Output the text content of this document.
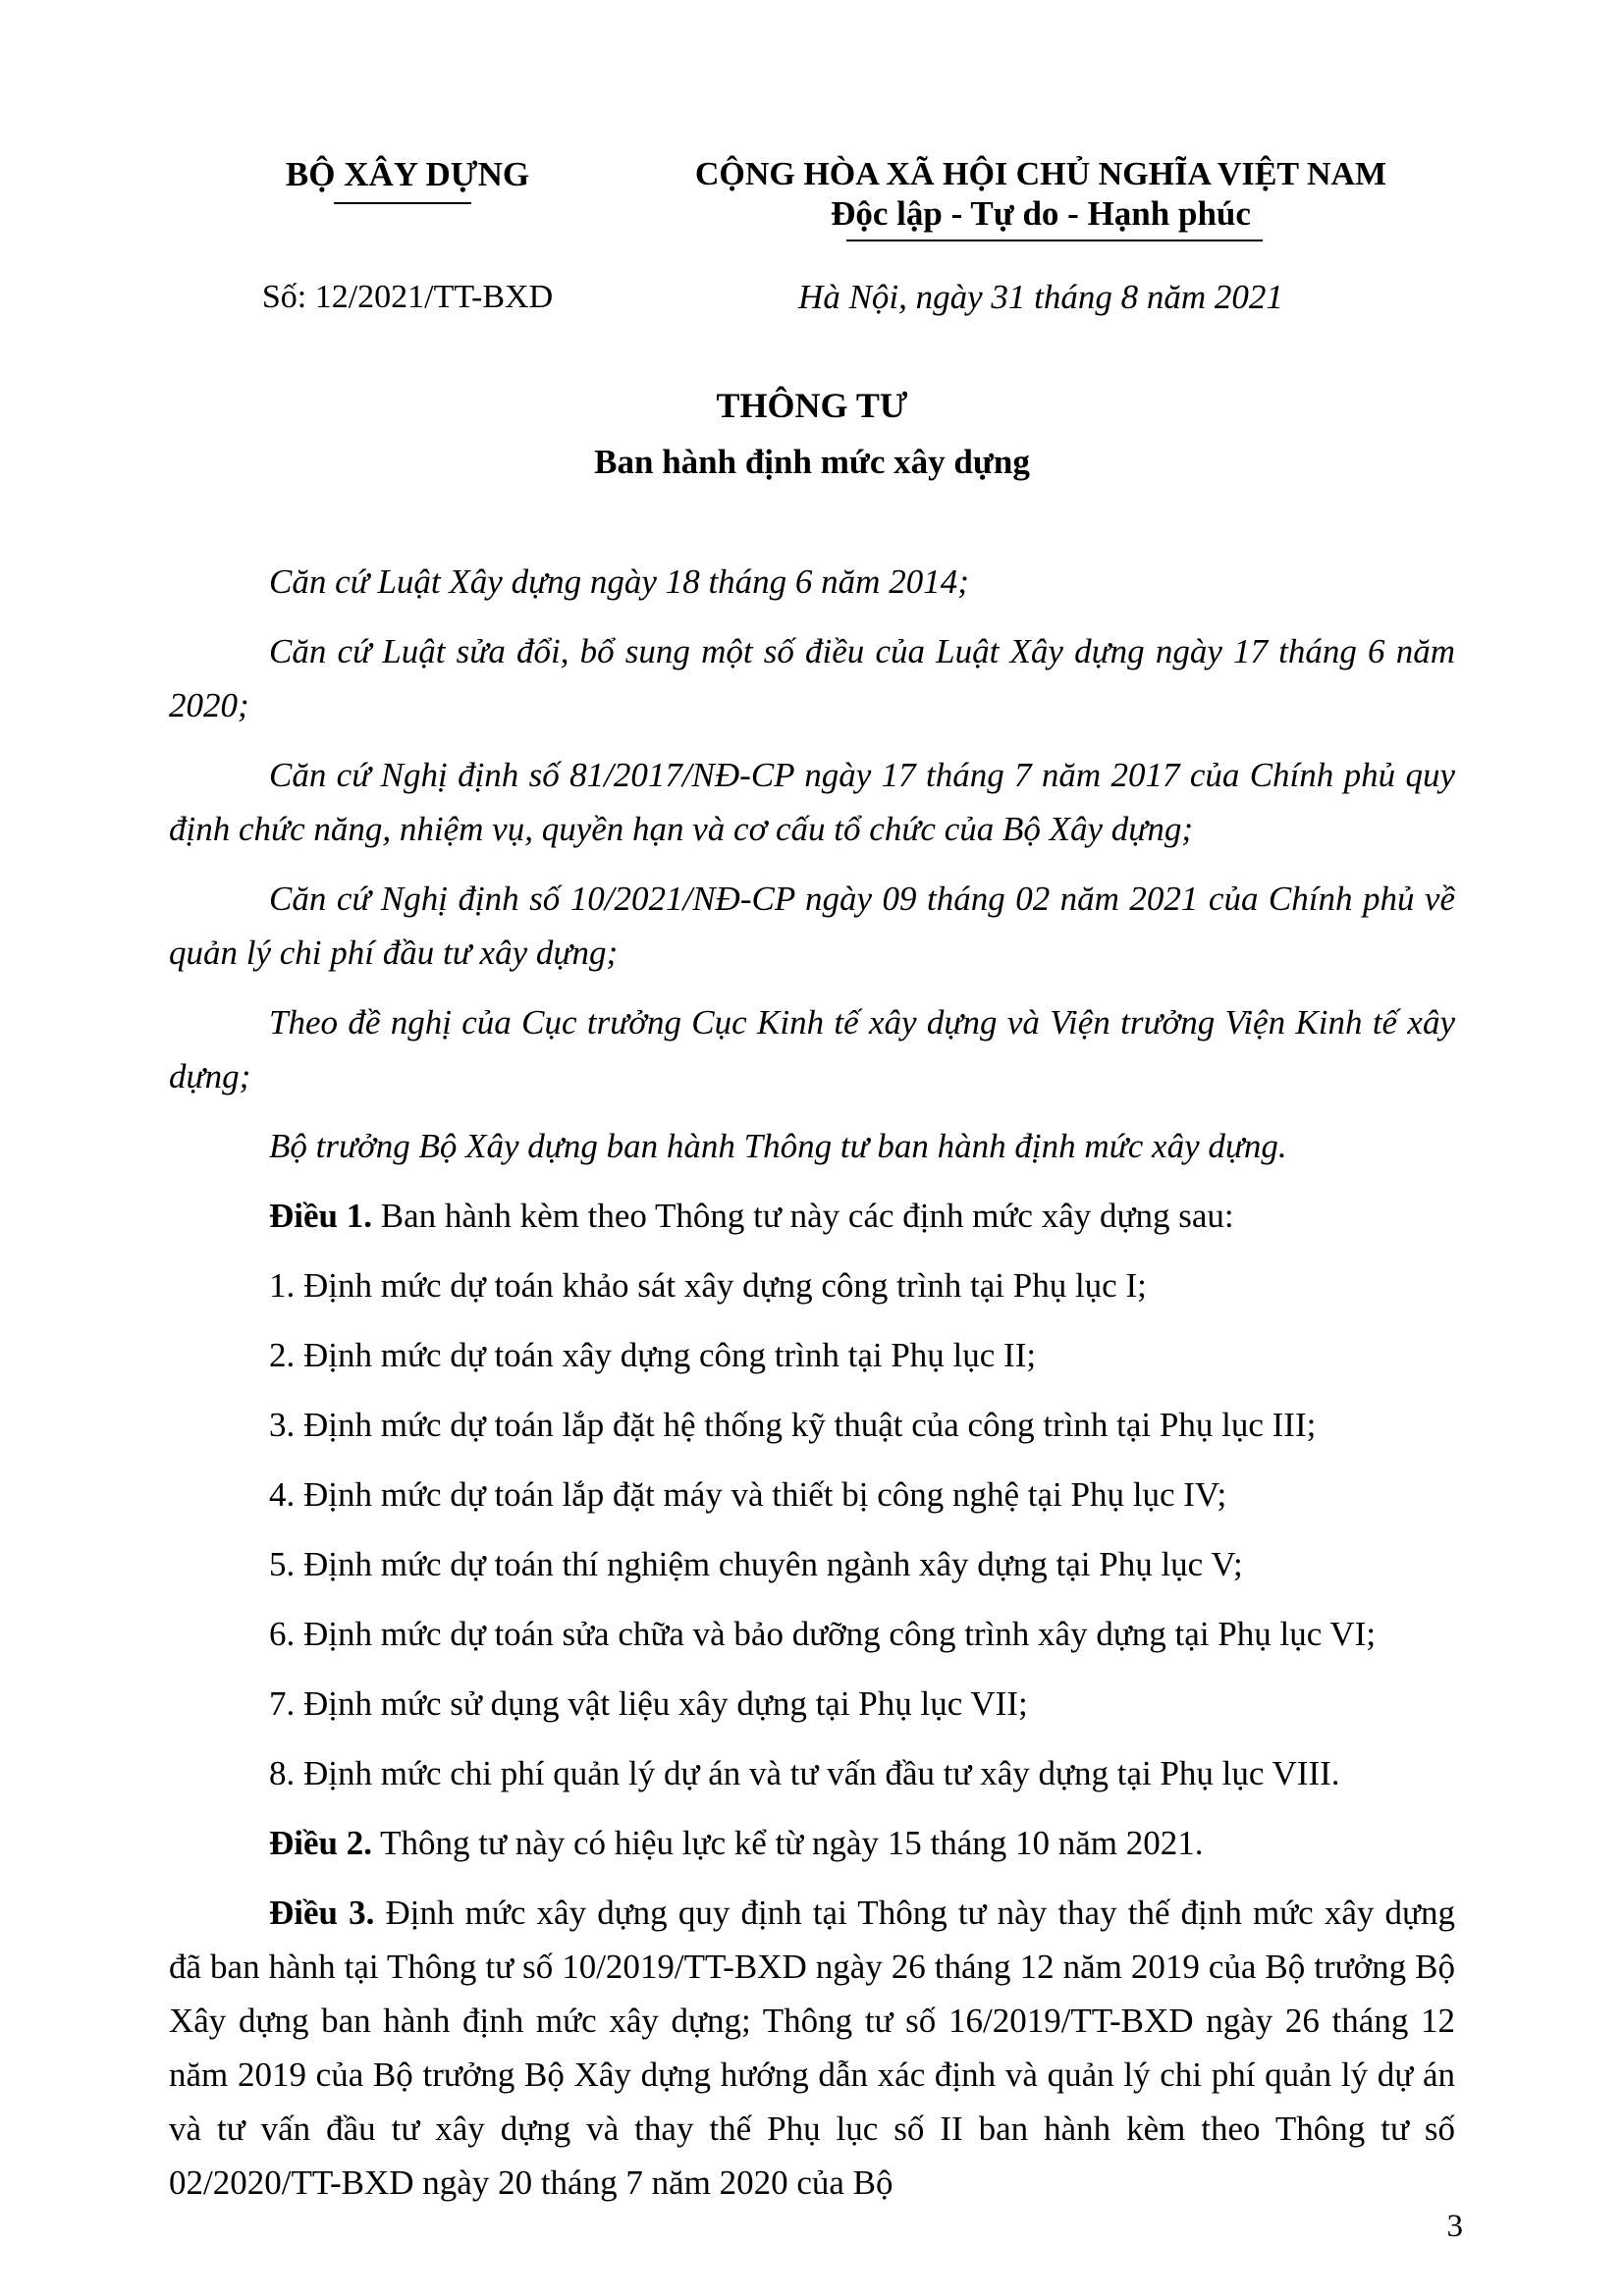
BỘ XÂY DỰNG	CỘNG HÒA XÃ HỘI CHỦ NGHĨA VIỆT NAM
Độc lập - Tự do - Hạnh phúc
Số: 12/2021/TT-BXD	Hà Nội, ngày 31 tháng 8 năm 2021
THÔNG TƯ
Ban hành định mức xây dựng

Căn cứ Luật Xây dựng ngày 18 tháng 6 năm 2014;

Căn cứ Luật sửa đổi, bổ sung một số điều của Luật Xây dựng ngày 17 tháng 6 năm 2020;

Căn cứ Nghị định số 81/2017/NĐ-CP ngày 17 tháng 7 năm 2017 của Chính phủ quy định chức năng, nhiệm vụ, quyền hạn và cơ cấu tổ chức của Bộ Xây dựng;

Căn cứ Nghị định số 10/2021/NĐ-CP ngày 09 tháng 02 năm 2021 của Chính phủ về quản lý chi phí đầu tư xây dựng;

Theo đề nghị của Cục trưởng Cục Kinh tế xây dựng và Viện trưởng Viện Kinh tế xây dựng;

Bộ trưởng Bộ Xây dựng ban hành Thông tư ban hành định mức xây dựng.

Điều 1. Ban hành kèm theo Thông tư này các định mức xây dựng sau:

1. Định mức dự toán khảo sát xây dựng công trình tại Phụ lục I;

2. Định mức dự toán xây dựng công trình tại Phụ lục II;

3. Định mức dự toán lắp đặt hệ thống kỹ thuật của công trình tại Phụ lục III;

4. Định mức dự toán lắp đặt máy và thiết bị công nghệ tại Phụ lục IV;

5. Định mức dự toán thí nghiệm chuyên ngành xây dựng tại Phụ lục V;

6. Định mức dự toán sửa chữa và bảo dưỡng công trình xây dựng tại Phụ lục VI;

7. Định mức sử dụng vật liệu xây dựng tại Phụ lục VII;

8. Định mức chi phí quản lý dự án và tư vấn đầu tư xây dựng tại Phụ lục VIII.

Điều 2. Thông tư này có hiệu lực kể từ ngày 15 tháng 10 năm 2021.

Điều 3. Định mức xây dựng quy định tại Thông tư này thay thế định mức xây dựng đã ban hành tại Thông tư số 10/2019/TT-BXD ngày 26 tháng 12 năm 2019 của Bộ trưởng Bộ Xây dựng ban hành định mức xây dựng; Thông tư số 16/2019/TT-BXD ngày 26 tháng 12 năm 2019 của Bộ trưởng Bộ Xây dựng hướng dẫn xác định và quản lý chi phí quản lý dự án và tư vấn đầu tư xây dựng và thay thế Phụ lục số II ban hành kèm theo Thông tư số 02/2020/TT-BXD ngày 20 tháng 7 năm 2020 của Bộ

3
